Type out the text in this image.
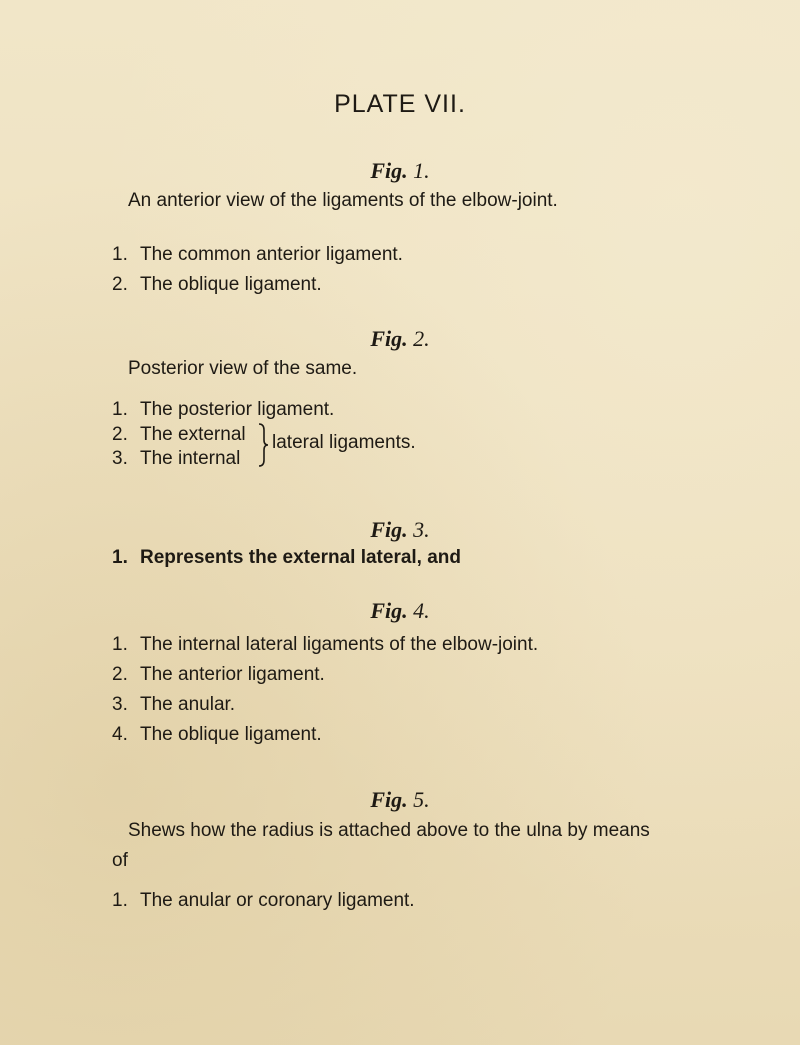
PLATE VII.
Fig. 1.
An anterior view of the ligaments of the elbow-joint.
1. The common anterior ligament.
2. The oblique ligament.
Fig. 2.
Posterior view of the same.
1. The posterior ligament.
2. The external
3. The internal
lateral ligaments.
Fig. 3.
1. Represents the external lateral, and
Fig. 4.
1. The internal lateral ligaments of the elbow-joint.
2. The anterior ligament.
3. The anular.
4. The oblique ligament.
Fig. 5.
Shews how the radius is attached above to the ulna by means
of
1. The anular or coronary ligament.
